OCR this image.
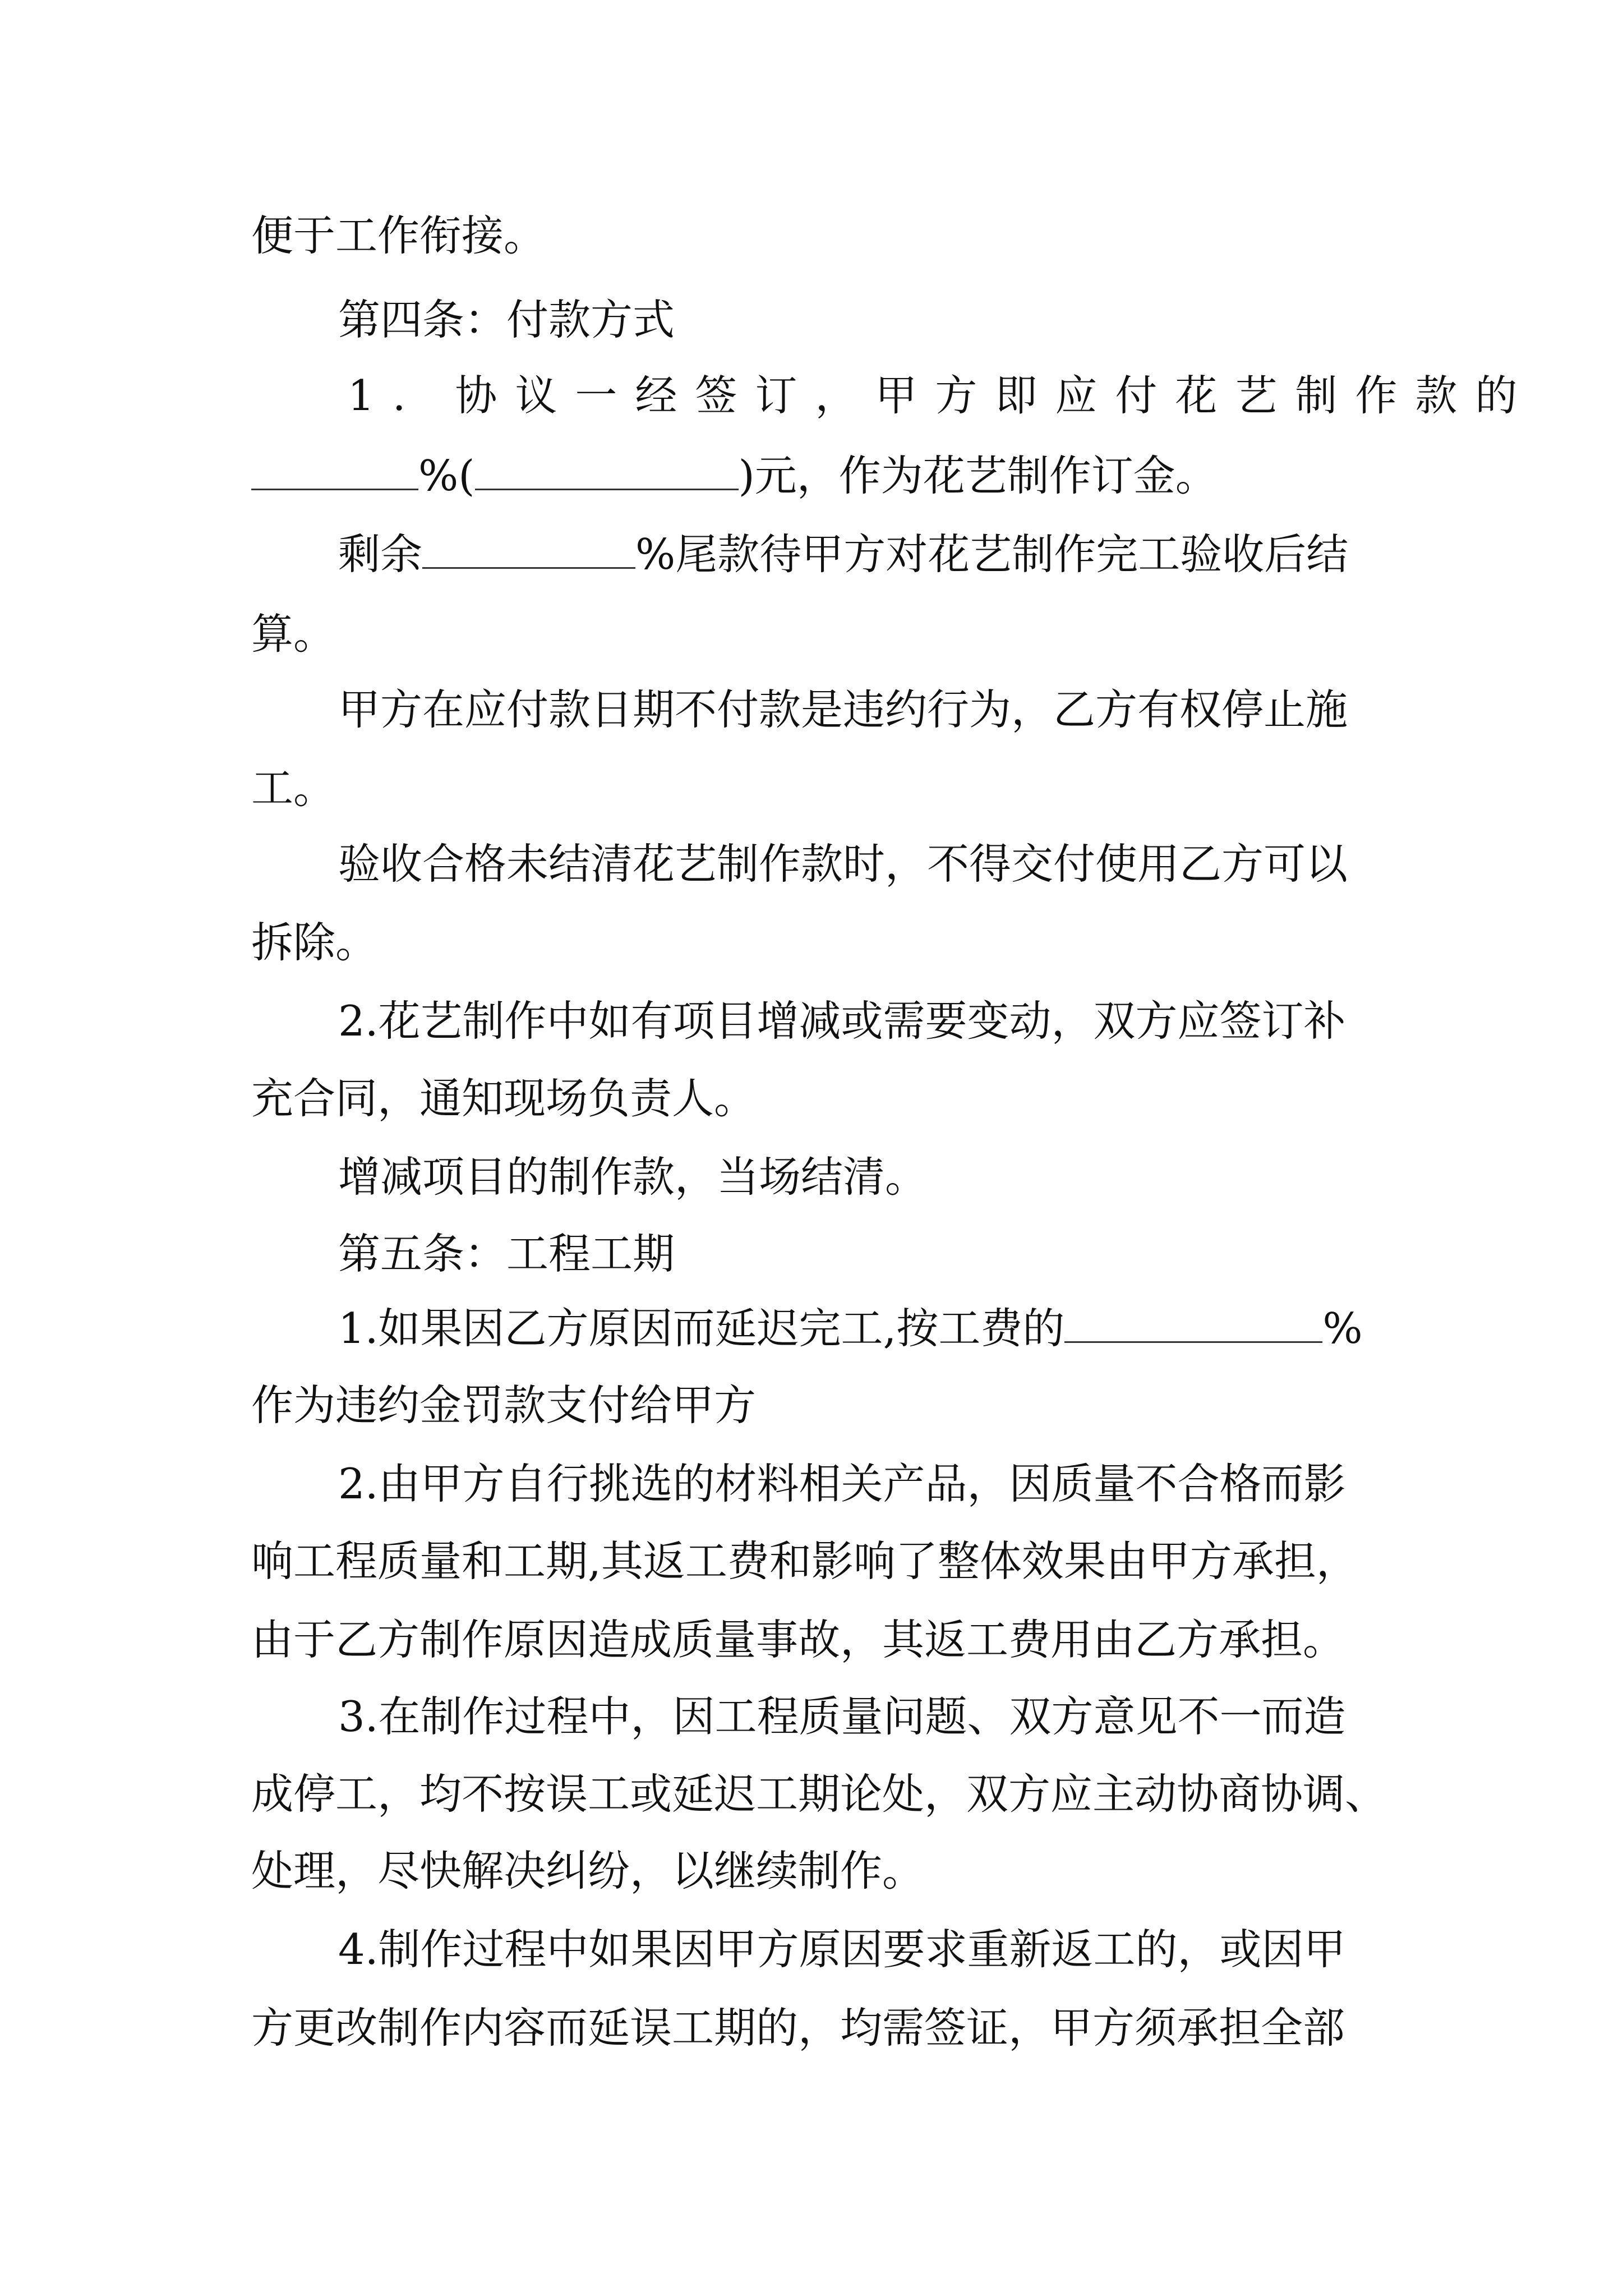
便于工作衔接。

第四条：付款方式

1. 协议一经签订，甲方即应付花艺制作款的

%(	)元，作为花艺制作订金。
剩余	%尾款待甲方对花艺制作完工验收后结

算。

甲方在应付款日期不付款是违约行为，乙方有权停止施

工。

验收合格未结清花艺制作款时，不得交付使用乙方可以

拆除。

2.花艺制作中如有项目增减或需要变动，双方应签订补

充合同，通知现场负责人。

增减项目的制作款，当场结清。

第五条：工程工期

1.如果因乙方原因而延迟完工,按工费的	%

作为违约金罚款支付给甲方

2.由甲方自行挑选的材料相关产品，因质量不合格而影

响工程质量和工期,其返工费和影响了整体效果由甲方承担，

由于乙方制作原因造成质量事故，其返工费用由乙方承担。

3.在制作过程中，因工程质量问题、双方意见不一而造

成停工，均不按误工或延迟工期论处，双方应主动协商协调、

处理，尽快解决纠纷，以继续制作。

4.制作过程中如果因甲方原因要求重新返工的，或因甲

方更改制作内容而延误工期的，均需签证，甲方须承担全部
